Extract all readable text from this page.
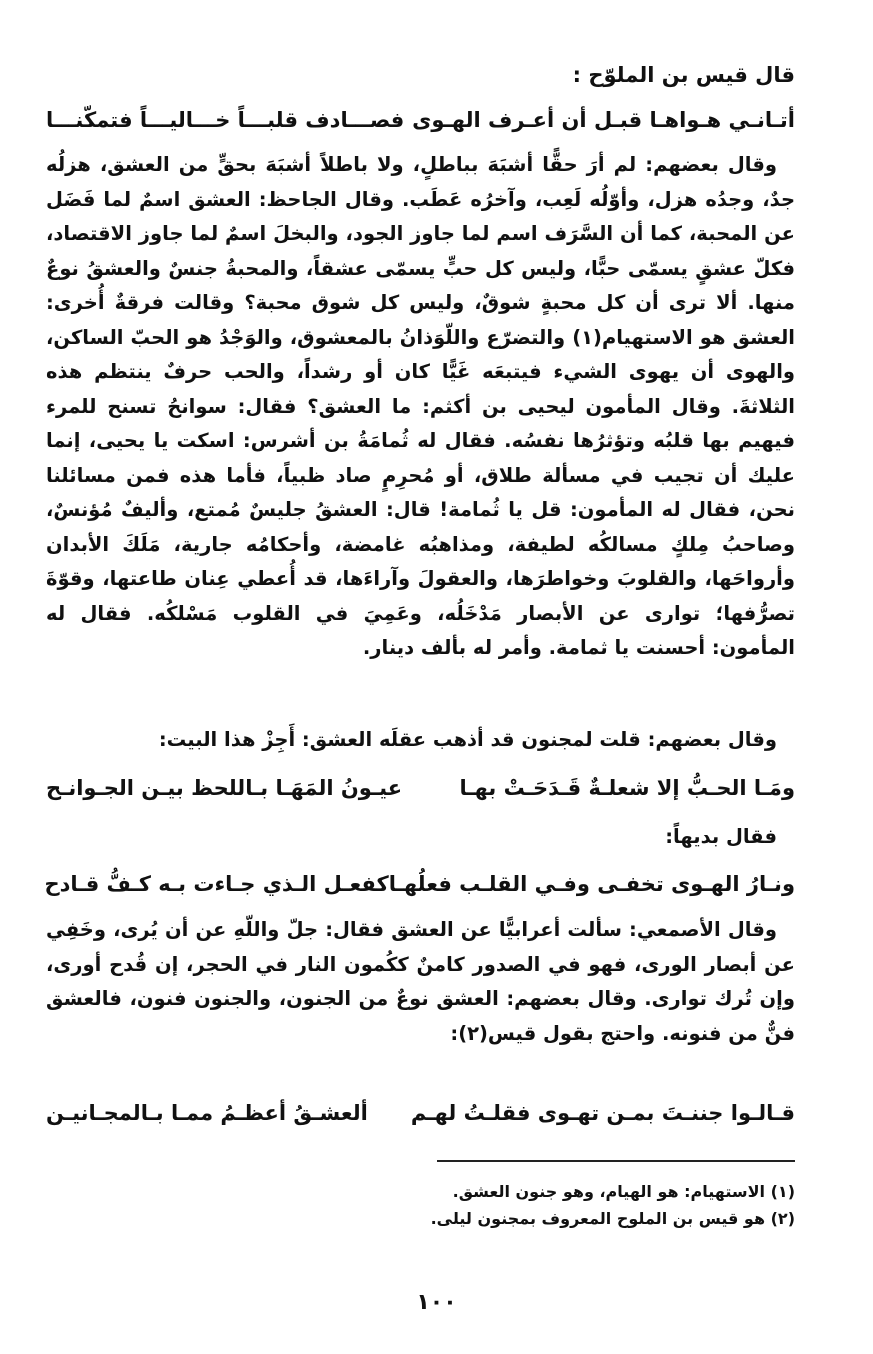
قال قيس بن الملوّح :
أتـانـي هـواهـا قبـل أن أعـرف الهـوى
فصـــادف قلبـــاً خـــاليـــاً فتمكّنـــا

وقال بعضهم: لم أرَ حقًّا أشبَهَ بباطلٍ، ولا باطلاً أشبَهَ بحقٍّ من العشق، هزلُه جدٌ، وجدُه هزل، وأوّلُه لَعِب، وآخرُه عَطَب. وقال الجاحظ: العشق اسمٌ لما فَضَل عن المحبة، كما أن السَّرَف اسم لما جاوز الجود، والبخلَ اسمٌ لما جاوز الاقتصاد، فكلّ عشقٍ يسمّى حبًّا، وليس كل حبٍّ يسمّى عشقاً، والمحبةُ جنسٌ والعشقُ نوعٌ منها. ألا ترى أن كل محبةٍ شوقٌ، وليس كل شوق محبة؟ وقالت فرقةٌ أُخرى: العشق هو الاستهيام(١) والتضرّع واللّوَذانُ بالمعشوق، والوَجْدُ هو الحبّ الساكن، والهوى أن يهوى الشيء فيتبعَه غَيًّا كان أو رشداً، والحب حرفٌ ينتظم هذه الثلاثةَ. وقال المأمون ليحيى بن أكثم: ما العشق؟ فقال: سوانحُ تسنح للمرء فيهيم بها قلبُه وتؤثرُها نفسُه. فقال له ثُمامَةُ بن أشرس: اسكت يا يحيى، إنما عليك أن تجيب في مسألة طلاق، أو مُحرِمٍ صاد ظبياً، فأما هذه فمن مسائلنا نحن، فقال له المأمون: قل يا ثُمامة! قال: العشقُ جليسٌ مُمتع، وأليفٌ مُؤنسٌ، وصاحبُ مِلكٍ مسالكُه لطيفة، ومذاهبُه غامضة، وأحكامُه جارية، مَلَكَ الأبدان وأرواحَها، والقلوبَ وخواطرَها، والعقولَ وآراءَها، قد أُعطي عِنان طاعتها، وقوّةَ تصرُّفها؛ توارى عن الأبصار مَدْخَلُه، وعَمِيَ في القلوب مَسْلكُه. فقال له المأمون: أحسنت يا ثمامة. وأمر له بألف دينار.

وقال بعضهم: قلت لمجنون قد أذهب عقلَه العشق: أَجِزْ هذا البيت:

ومَـا الحـبُّ إلا شعلـةٌ قَـدَحَـتْ بهـا
عيـونُ المَهَـا بـاللحظ بيـن الجـوانـح

فقال بديهاً:

ونـارُ الهـوى تخفـى وفـي القلـب فعلُهـا
كفعـل الـذي جـاءت بـه كـفُّ قـادح

وقال الأصمعي: سألت أعرابيًّا عن العشق فقال: جلّ واللّهِ عن أن يُرى، وخَفِي عن أبصار الورى، فهو في الصدور كامنٌ ككُمون النار في الحجر، إن قُدح أورى، وإن تُرك توارى. وقال بعضهم: العشق نوعٌ من الجنون، والجنون فنون، فالعشق فنٌّ من فنونه. واحتج بقول قيس(٢):

قـالـوا جننـتَ بمـن تهـوى فقلـتُ لهـم
ألعشـقُ أعظـمُ ممـا بـالمجـانيـن
(١) الاستهيام: هو الهيام، وهو جنون العشق.
(٢) هو قيس بن الملوح المعروف بمجنون ليلى.
١٠٠
